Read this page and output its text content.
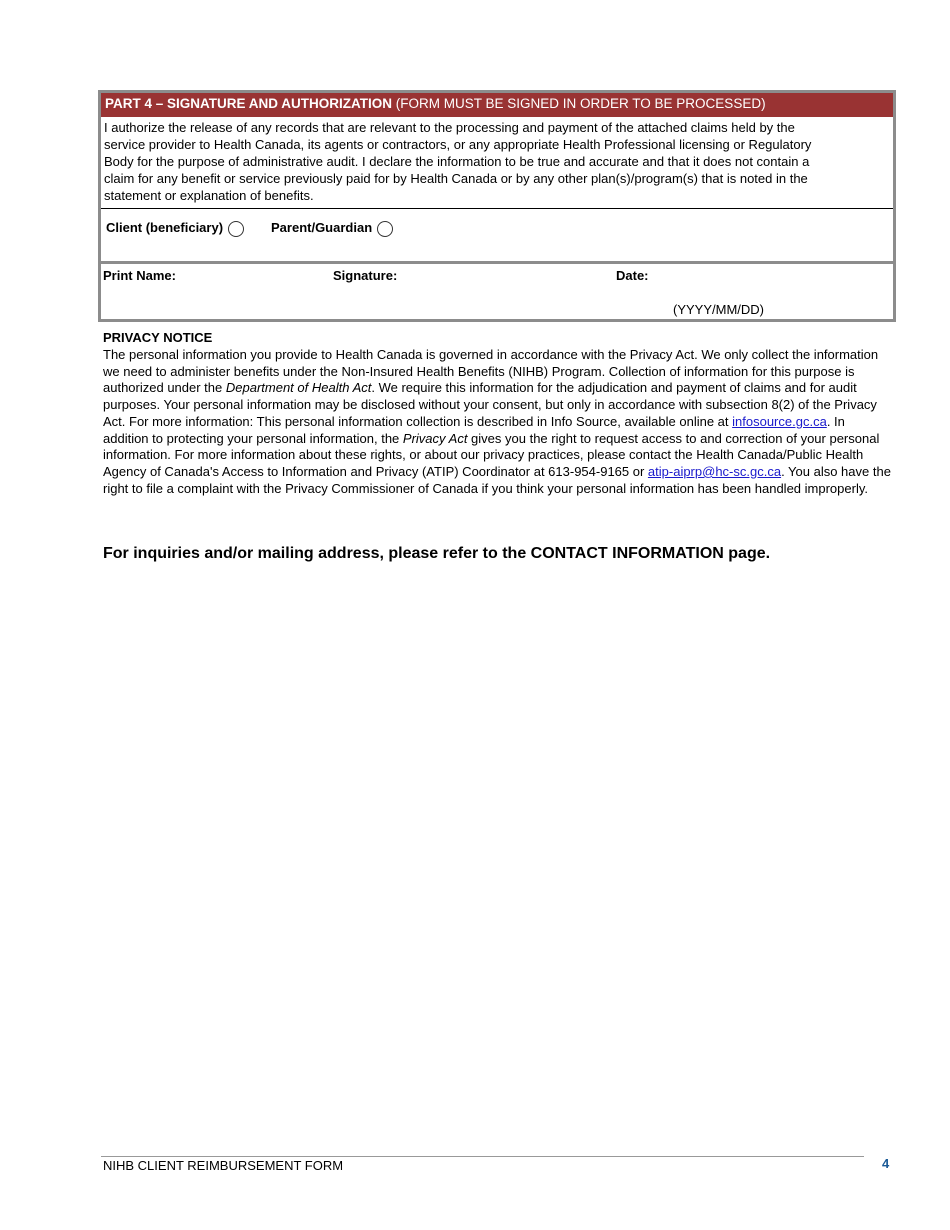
PART 4 – SIGNATURE AND AUTHORIZATION (FORM MUST BE SIGNED IN ORDER TO BE PROCESSED)
I authorize the release of any records that are relevant to the processing and payment of the attached claims held by the
service provider to Health Canada, its agents or contractors, or any appropriate Health Professional licensing or Regulatory
Body for the purpose of administrative audit. I declare the information to be true and accurate and that it does not contain a
claim for any benefit or service previously paid for by Health Canada or by any other plan(s)/program(s) that is noted in the
statement or explanation of benefits.
Client (beneficiary)	Parent/Guardian
Print Name:	Signature:	Date:
(YYYY/MM/DD)
PRIVACY NOTICE

The personal information you provide to Health Canada is governed in accordance with the Privacy Act. We only collect the information we need to administer benefits under the Non-Insured Health Benefits (NIHB) Program. Collection of information for this purpose is authorized under the Department of Health Act. We require this information for the adjudication and payment of claims and for audit purposes. Your personal information may be disclosed without your consent, but only in accordance with subsection 8(2) of the Privacy Act. For more information: This personal information collection is described in Info Source, available online at infosource.gc.ca. In addition to protecting your personal information, the Privacy Act gives you the right to request access to and correction of your personal information. For more information about these rights, or about our privacy practices, please contact the Health Canada/Public Health Agency of Canada's Access to Information and Privacy (ATIP) Coordinator at 613-954-9165 or atip-aiprp@hc-sc.gc.ca. You also have the right to file a complaint with the Privacy Commissioner of Canada if you think your personal information has been handled improperly.

For inquiries and/or mailing address, please refer to the CONTACT INFORMATION page.
NIHB CLIENT REIMBURSEMENT FORM	4
